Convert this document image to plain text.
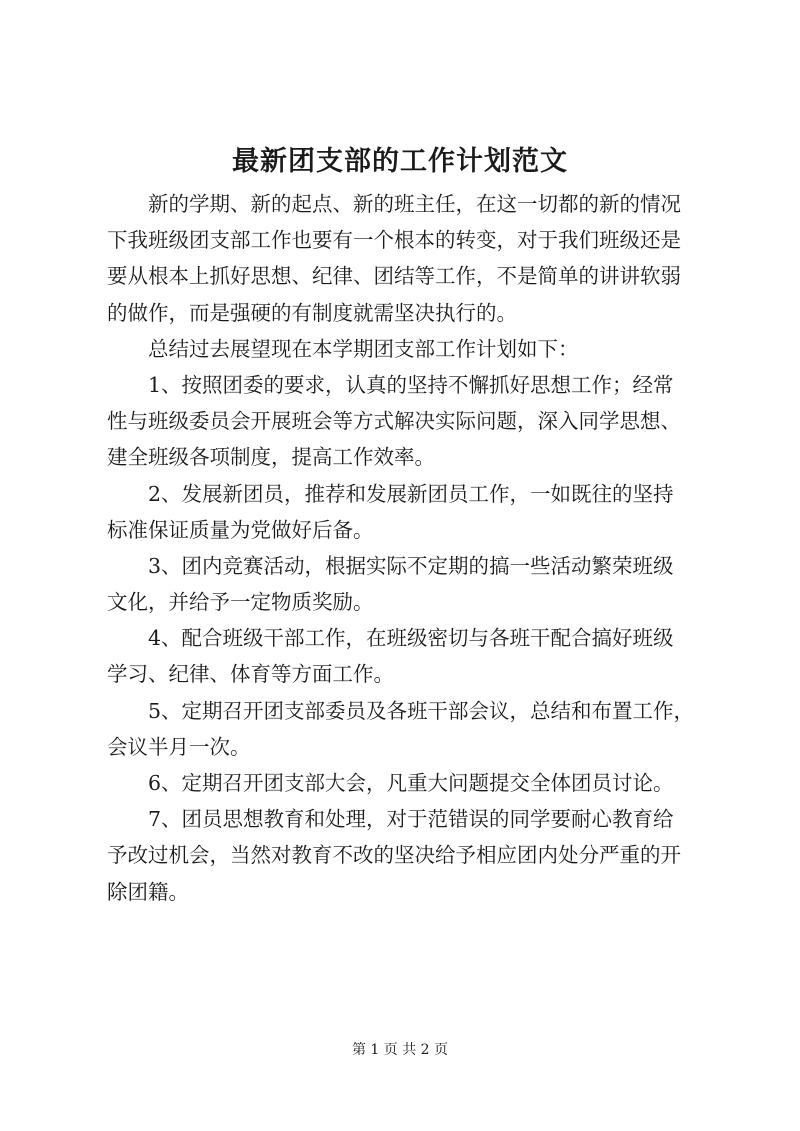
最新团支部的工作计划范文

新的学期、新的起点、新的班主任，在这一切都的新的情况
下我班级团支部工作也要有一个根本的转变，对于我们班级还是
要从根本上抓好思想、纪律、团结等工作，不是简单的讲讲软弱
的做作，而是强硬的有制度就需坚决执行的。

总结过去展望现在本学期团支部工作计划如下：

1、按照团委的要求，认真的坚持不懈抓好思想工作；经常
性与班级委员会开展班会等方式解决实际问题，深入同学思想、
建全班级各项制度，提高工作效率。

2、发展新团员，推荐和发展新团员工作，一如既往的坚持
标准保证质量为党做好后备。

3、团内竞赛活动，根据实际不定期的搞一些活动繁荣班级
文化，并给予一定物质奖励。

4、配合班级干部工作，在班级密切与各班干配合搞好班级
学习、纪律、体育等方面工作。

5、定期召开团支部委员及各班干部会议，总结和布置工作，
会议半月一次。

6、定期召开团支部大会，凡重大问题提交全体团员讨论。

7、团员思想教育和处理，对于范错误的同学要耐心教育给
予改过机会，当然对教育不改的坚决给予相应团内处分严重的开
除团籍。

第 1 页 共 2 页
